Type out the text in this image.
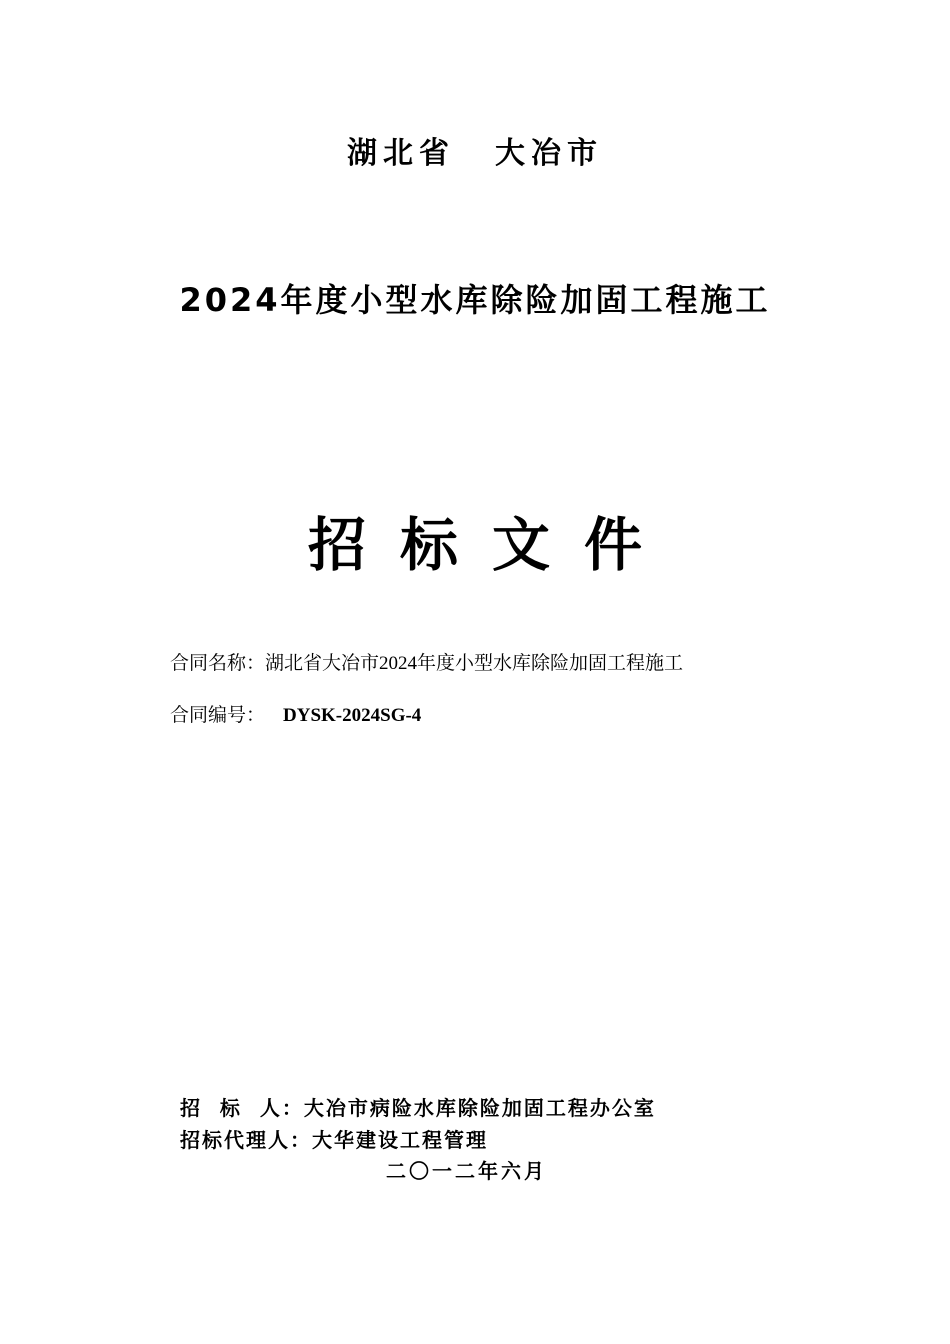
湖北省 大冶市
2024年度小型水库除险加固工程施工
招标文件
合同名称：湖北省大冶市2024年度小型水库除险加固工程施工
合同编号： DYSK-2024SG-4
招  标  人：大冶市病险水库除险加固工程办公室
招标代理人：大华建设工程管理
二〇一二年六月
